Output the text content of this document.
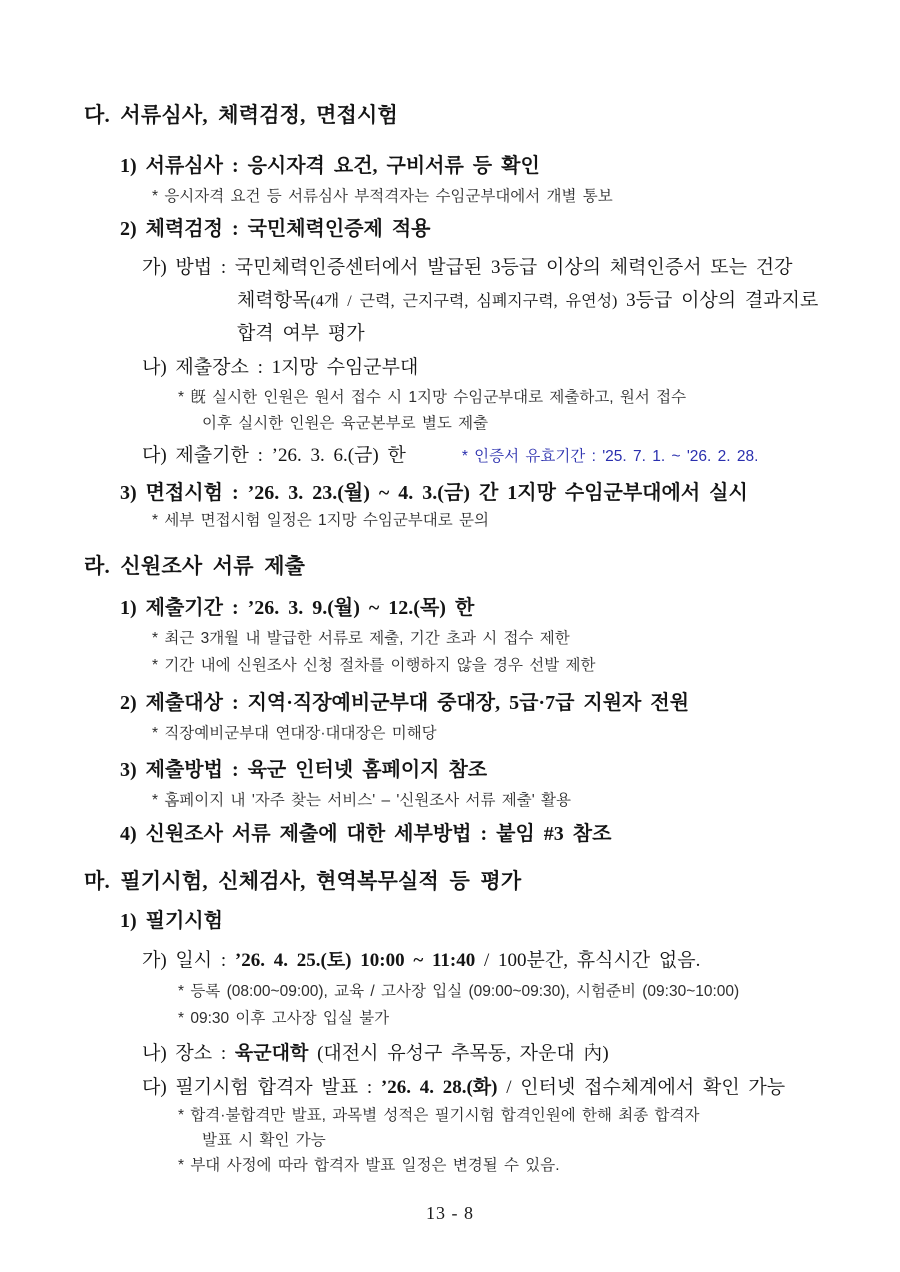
다. 서류심사, 체력검정, 면접시험

1) 서류심사 : 응시자격 요건, 구비서류 등 확인

* 응시자격 요건 등 서류심사 부적격자는 수임군부대에서 개별 통보

2) 체력검정 : 국민체력인증제 적용

가) 방법 : 국민체력인증센터에서 발급된 3등급 이상의 체력인증서 또는 건강

체력항목(4개 / 근력, 근지구력, 심폐지구력, 유연성) 3등급 이상의 결과지로

합격 여부 평가

나) 제출장소 : 1지망 수임군부대

* 旣 실시한 인원은 원서 접수 시 1지망 수임군부대로 제출하고, 원서 접수

이후 실시한 인원은 육군본부로 별도 제출

다) 제출기한 : ’26. 3. 6.(금) 한	* 인증서 유효기간 : '25. 7. 1. ~ '26. 2. 28.

3) 면접시험 : ’26. 3. 23.(월) ~ 4. 3.(금) 간 1지망 수임군부대에서 실시

* 세부 면접시험 일정은 1지망 수임군부대로 문의

라. 신원조사 서류 제출

1) 제출기간 : ’26. 3. 9.(월) ~ 12.(목) 한

* 최근 3개월 내 발급한 서류로 제출, 기간 초과 시 접수 제한

* 기간 내에 신원조사 신청 절차를 이행하지 않을 경우 선발 제한

2) 제출대상 : 지역·직장예비군부대 중대장, 5급·7급 지원자 전원

* 직장예비군부대 연대장·대대장은 미해당

3) 제출방법 : 육군 인터넷 홈페이지 참조

* 홈페이지 내 '자주 찾는 서비스' – '신원조사 서류 제출' 활용

4) 신원조사 서류 제출에 대한 세부방법 : 붙임 #3 참조

마. 필기시험, 신체검사, 현역복무실적 등 평가

1) 필기시험

가) 일시 : ’26. 4. 25.(토) 10:00 ~ 11:40 / 100분간, 휴식시간 없음.

* 등록 (08:00~09:00), 교육 / 고사장 입실 (09:00~09:30), 시험준비 (09:30~10:00)

* 09:30 이후 고사장 입실 불가

나) 장소 : 육군대학 (대전시 유성구 추목동, 자운대 內)

다) 필기시험 합격자 발표 : ’26. 4. 28.(화) / 인터넷 접수체계에서 확인 가능

* 합격·불합격만 발표, 과목별 성적은 필기시험 합격인원에 한해 최종 합격자

발표 시 확인 가능

* 부대 사정에 따라 합격자 발표 일정은 변경될 수 있음.

13 - 8
